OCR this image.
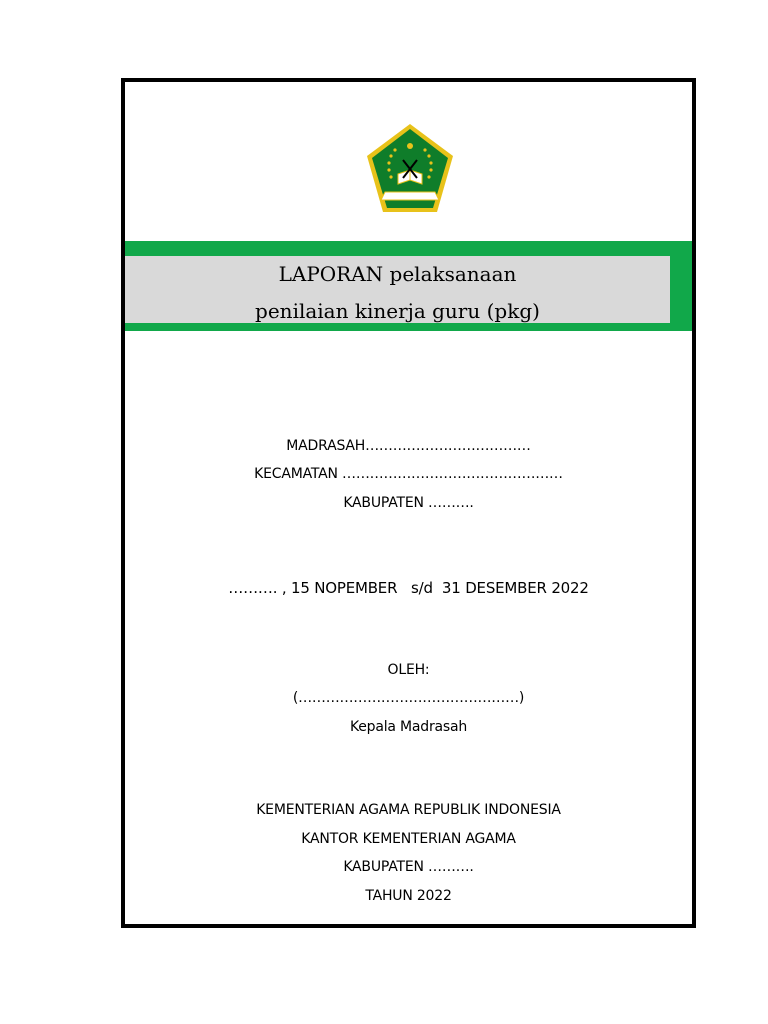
LAPORAN pelaksanaan
penilaian kinerja guru (pkg)
MADRASAH………………………………
KECAMATAN …………………………………………
KABUPATEN ……….
………. , 15 NOPEMBER   s/d  31 DESEMBER 2022
OLEH:
(…………………………………………)
Kepala Madrasah
KEMENTERIAN AGAMA REPUBLIK INDONESIA
KANTOR KEMENTERIAN AGAMA
KABUPATEN ……….
TAHUN 2022
